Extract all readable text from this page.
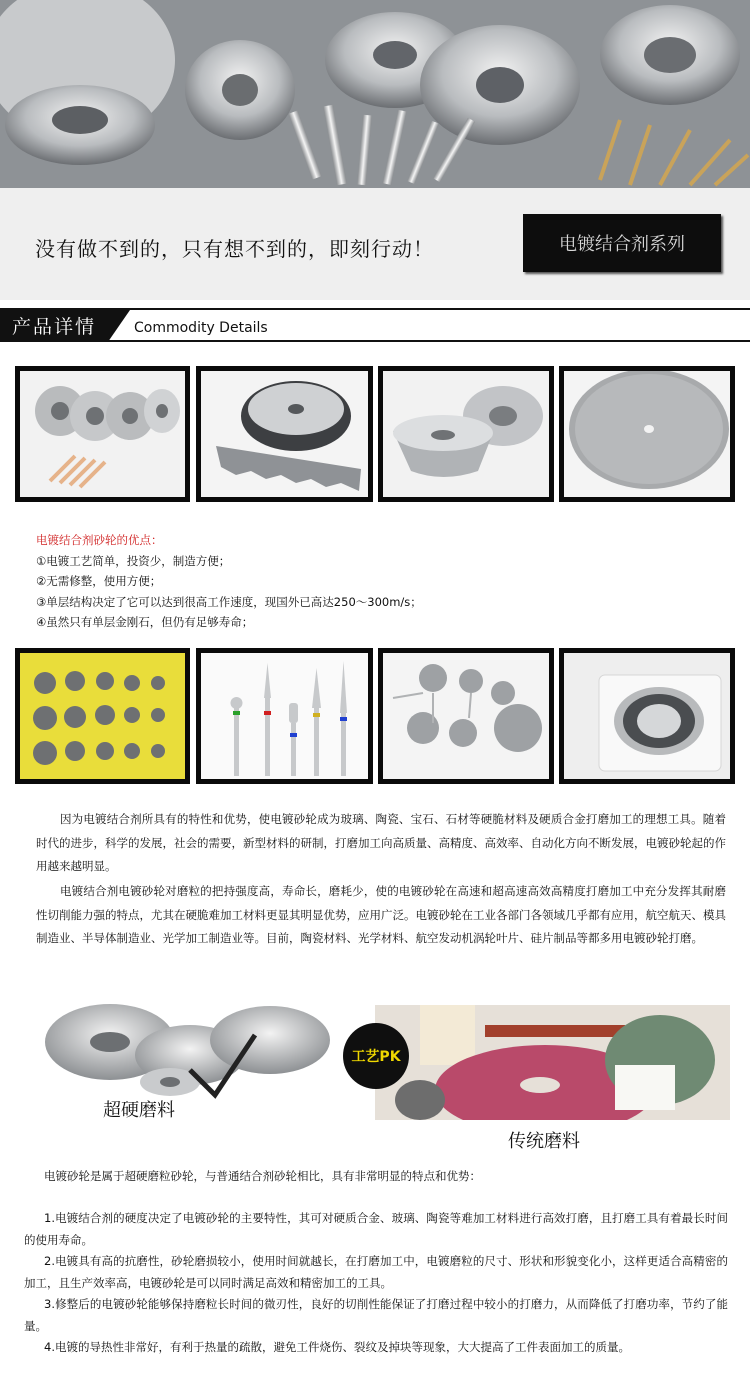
没有做不到的，只有想不到的，即刻行动！	电镀结合剂系列
产品详情	Commodity Details
电镀结合剂砂轮的优点：
①电镀工艺简单，投资少，制造方便；
②无需修整，使用方便；
③单层结构决定了它可以达到很高工作速度，现国外已高达250～300m/s；
④虽然只有单层金刚石，但仍有足够寿命；
因为电镀结合剂所具有的特性和优势，使电镀砂轮成为玻璃、陶瓷、宝石、石材等硬脆材料及硬质合金打磨加工的理想工具。随着时代的进步，科学的发展，社会的需要，新型材料的研制，打磨加工向高质量、高精度、高效率、自动化方向不断发展，电镀砂轮起的作用越来越明显。
电镀结合剂电镀砂轮对磨粒的把持强度高，寿命长，磨耗少，使的电镀砂轮在高速和超高速高效高精度打磨加工中充分发挥其耐磨性切削能力强的特点，尤其在硬脆难加工材料更显其明显优势，应用广泛。电镀砂轮在工业各部门各领域几乎都有应用，航空航天、模具制造业、半导体制造业、光学加工制造业等。目前，陶瓷材料、光学材料、航空发动机涡轮叶片、硅片制品等都多用电镀砂轮打磨。
超硬磨料
工艺PK
传统磨料

电镀砂轮是属于超硬磨粒砂轮，与普通结合剂砂轮相比，具有非常明显的特点和优势：

1.电镀结合剂的硬度决定了电镀砂轮的主要特性，其可对硬质合金、玻璃、陶瓷等难加工材料进行高效打磨，且打磨工具有着最长时间的使用寿命。

2.电镀具有高的抗磨性，砂轮磨损较小，使用时间就越长，在打磨加工中，电镀磨粒的尺寸、形状和形貌变化小，这样更适合高精密的加工，且生产效率高，电镀砂轮是可以同时满足高效和精密加工的工具。

3.修整后的电镀砂轮能够保持磨粒长时间的微刃性，良好的切削性能保证了打磨过程中较小的打磨力，从而降低了打磨功率，节约了能量。

4.电镀的导热性非常好，有利于热量的疏散，避免工件烧伤、裂纹及掉块等现象，大大提高了工件表面加工的质量。
